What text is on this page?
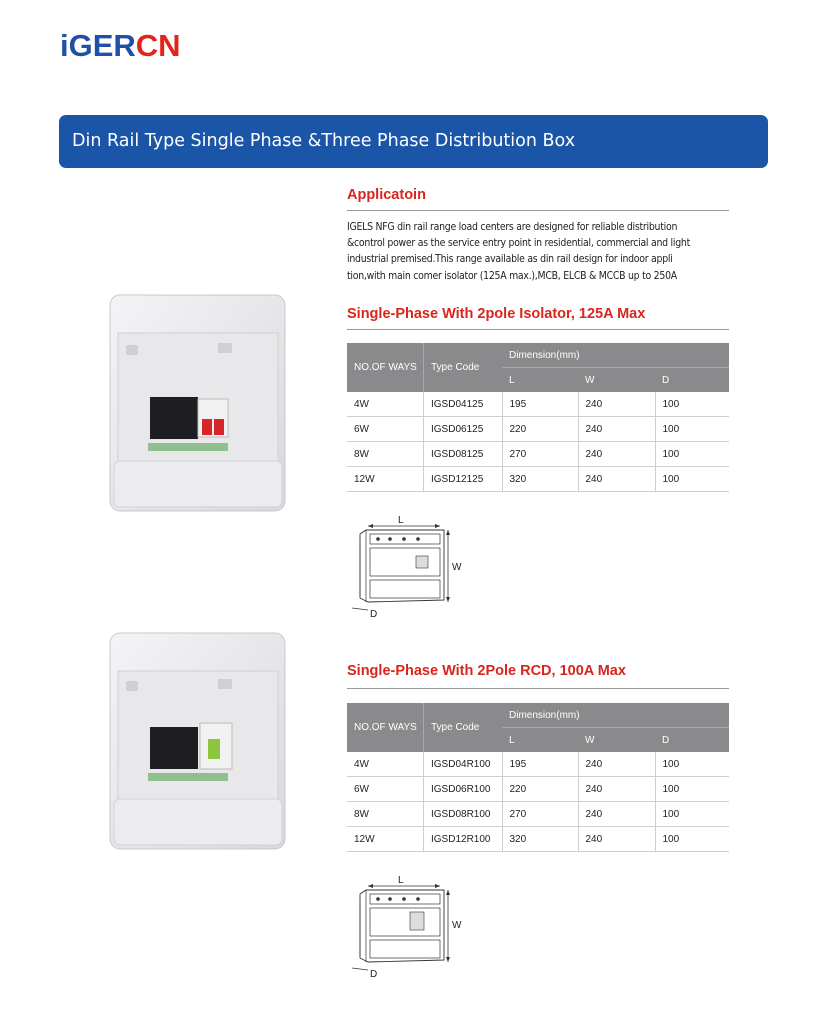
iGERCN
Din Rail Type Single Phase &Three Phase Distribution Box
Applicatoin
IGELS NFG din rail range load centers are designed for reliable distribution
&control power as the service entry point in residential, commercial and light
industrial premised.This range available as din rail design for indoor appli
tion,with main comer isolator (125A max.),MCB, ELCB & MCCB up to 250A
Single-Phase With 2pole Isolator, 125A Max
NO.OF WAYS	Type Code	Dimension(mm)		
		L	W	D
4W	IGSD04125	195	240	100
6W	IGSD06125	220	240	100
8W	IGSD08125	270	240	100
12W	IGSD12125	320	240	100
L
W
D
Single-Phase With 2Pole RCD, 100A Max
NO.OF WAYS	Type Code	Dimension(mm)		
		L	W	D
4W	IGSD04R100	195	240	100
6W	IGSD06R100	220	240	100
8W	IGSD08R100	270	240	100
12W	IGSD12R100	320	240	100
L
W
D
